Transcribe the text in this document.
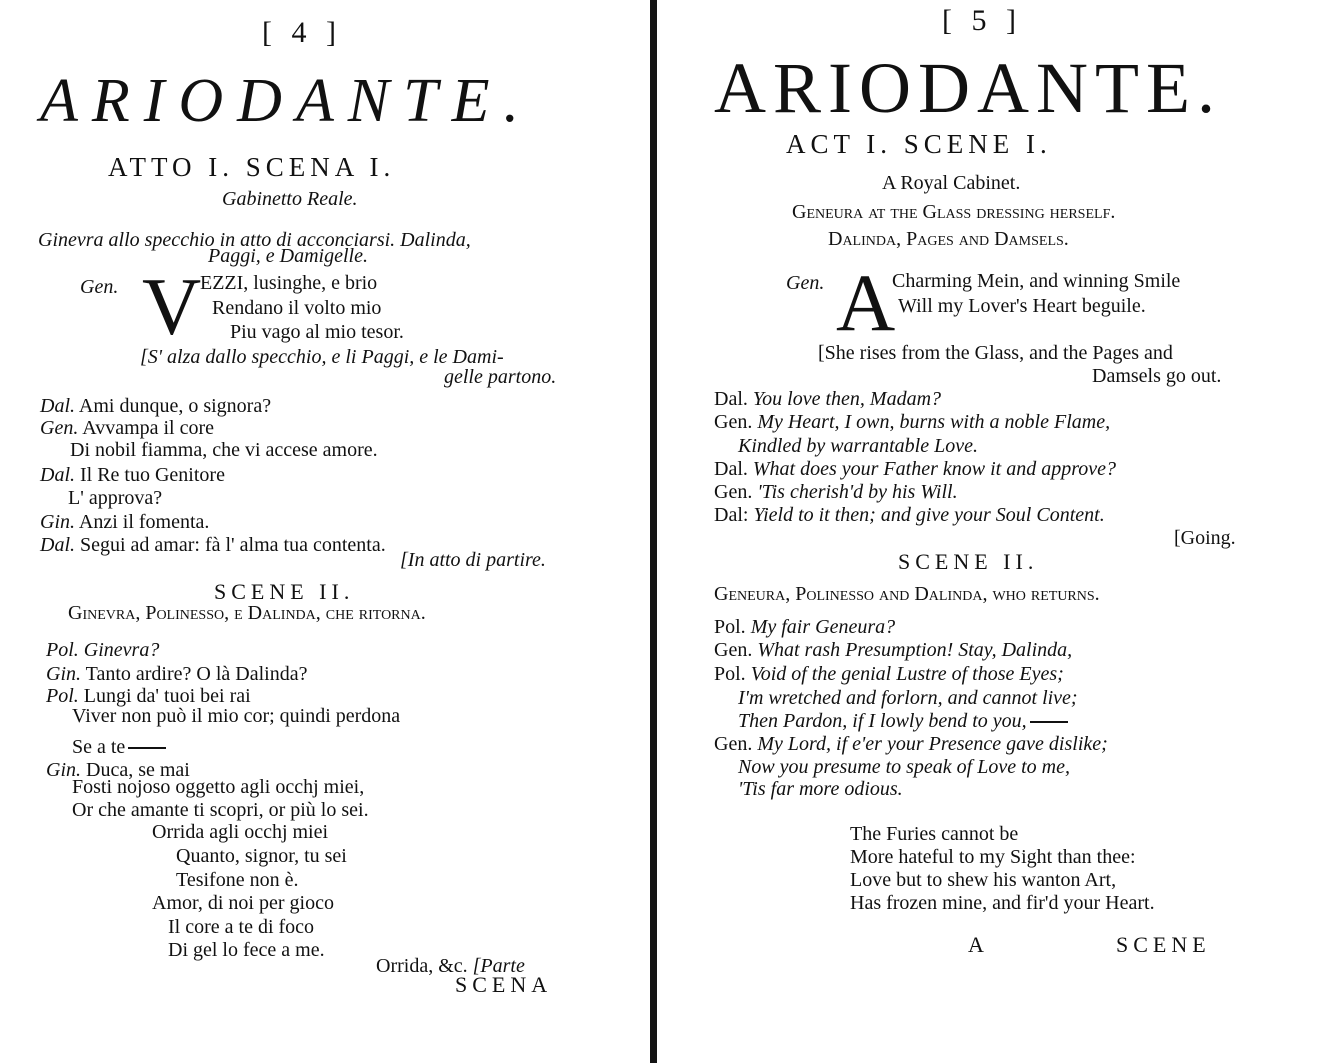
[ 4 ]
ARIODANTE.
ATTO I. SCENA I.
Gabinetto Reale.
Ginevra allo specchio in atto di acconciarsi. Dalinda,
Paggi, e Damigelle.
Gen. V
EZZI, lusinghe, e brio
Rendano il volto mio
Piu vago al mio tesor.
[S' alza dallo specchio, e li Paggi, e le Dami-
gelle partono.
Dal. Ami dunque, o signora?
Gen. Avvampa il core
Di nobil fiamma, che vi accese amore.
Dal. Il Re tuo Genitore
L' approva?
Gin. Anzi il fomenta.
Dal. Segui ad amar: fà l' alma tua contenta.
[In atto di partire.
SCENE II.
Ginevra, Polinesso, e Dalinda, che ritorna.
Pol. Ginevra?
Gin. Tanto ardire? O là Dalinda?
Pol. Lungi da' tuoi bei rai
Viver non può il mio cor; quindi perdona
Se a te
Gin. Duca, se mai
Fosti nojoso oggetto agli occhj miei,
Or che amante ti scopri, or più lo sei.
Orrida agli occhj miei
Quanto, signor, tu sei
Tesifone non è.
Amor, di noi per gioco
Il core a te di foco
Di gel lo fece a me.
Orrida, &c. [Parte
SCENA
[ 5 ]
ARIODANTE.
ACT I. SCENE I.
A Royal Cabinet.
Geneura at the Glass dressing herself.
Dalinda, Pages and Damsels.
Gen. A
Charming Mein, and winning Smile
Will my Lover's Heart beguile.
[She rises from the Glass, and the Pages and
Damsels go out.
Dal. You love then, Madam?
Gen. My Heart, I own, burns with a noble Flame,
Kindled by warrantable Love.
Dal. What does your Father know it and approve?
Gen. 'Tis cherish'd by his Will.
Dal: Yield to it then; and give your Soul Content.
[Going.
SCENE II.
Geneura, Polinesso and Dalinda, who returns.
Pol. My fair Geneura?
Gen. What rash Presumption! Stay, Dalinda,
Pol. Void of the genial Lustre of those Eyes;
I'm wretched and forlorn, and cannot live;
Then Pardon, if I lowly bend to you,
Gen. My Lord, if e'er your Presence gave dislike;
Now you presume to speak of Love to me,
'Tis far more odious.
The Furies cannot be
More hateful to my Sight than thee:
Love but to shew his wanton Art,
Has frozen mine, and fir'd your Heart.
A	SCENE
